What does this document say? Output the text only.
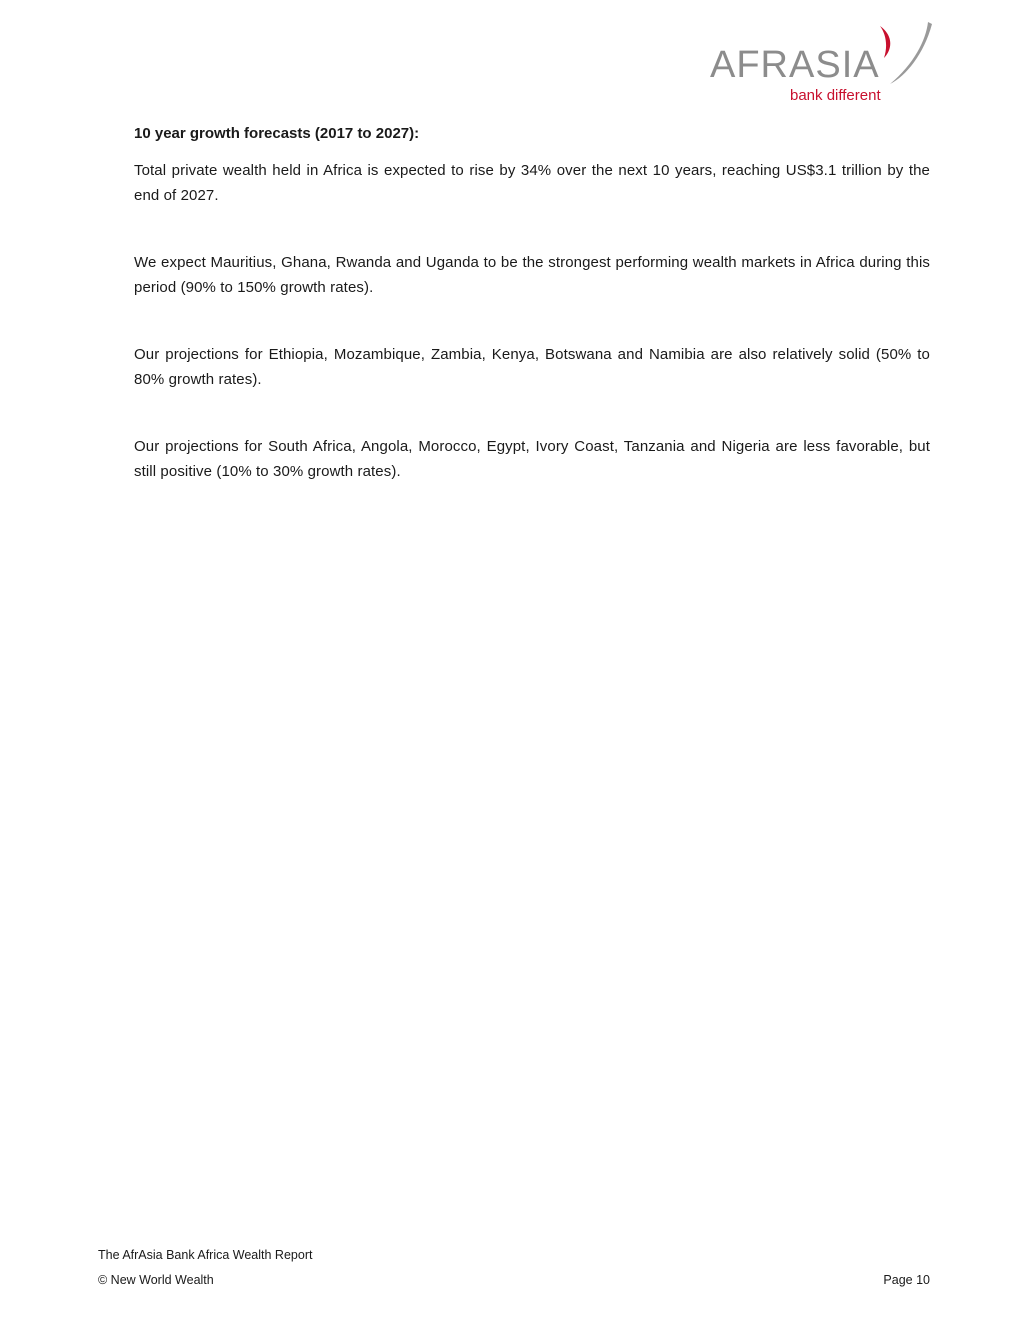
AFRASIA
bank different
10 year growth forecasts (2017 to 2027):

Total private wealth held in Africa is expected to rise by 34% over the next 10 years, reaching US$3.1 trillion by the end of 2027.

We expect Mauritius, Ghana, Rwanda and Uganda to be the strongest performing wealth markets in Africa during this period (90% to 150% growth rates).

Our projections for Ethiopia, Mozambique, Zambia, Kenya, Botswana and Namibia are also relatively solid (50% to 80% growth rates).

Our projections for South Africa, Angola, Morocco, Egypt, Ivory Coast, Tanzania and Nigeria are less favorable, but still positive (10% to 30% growth rates).

The AfrAsia Bank Africa Wealth Report
© New World Wealth	Page 10
